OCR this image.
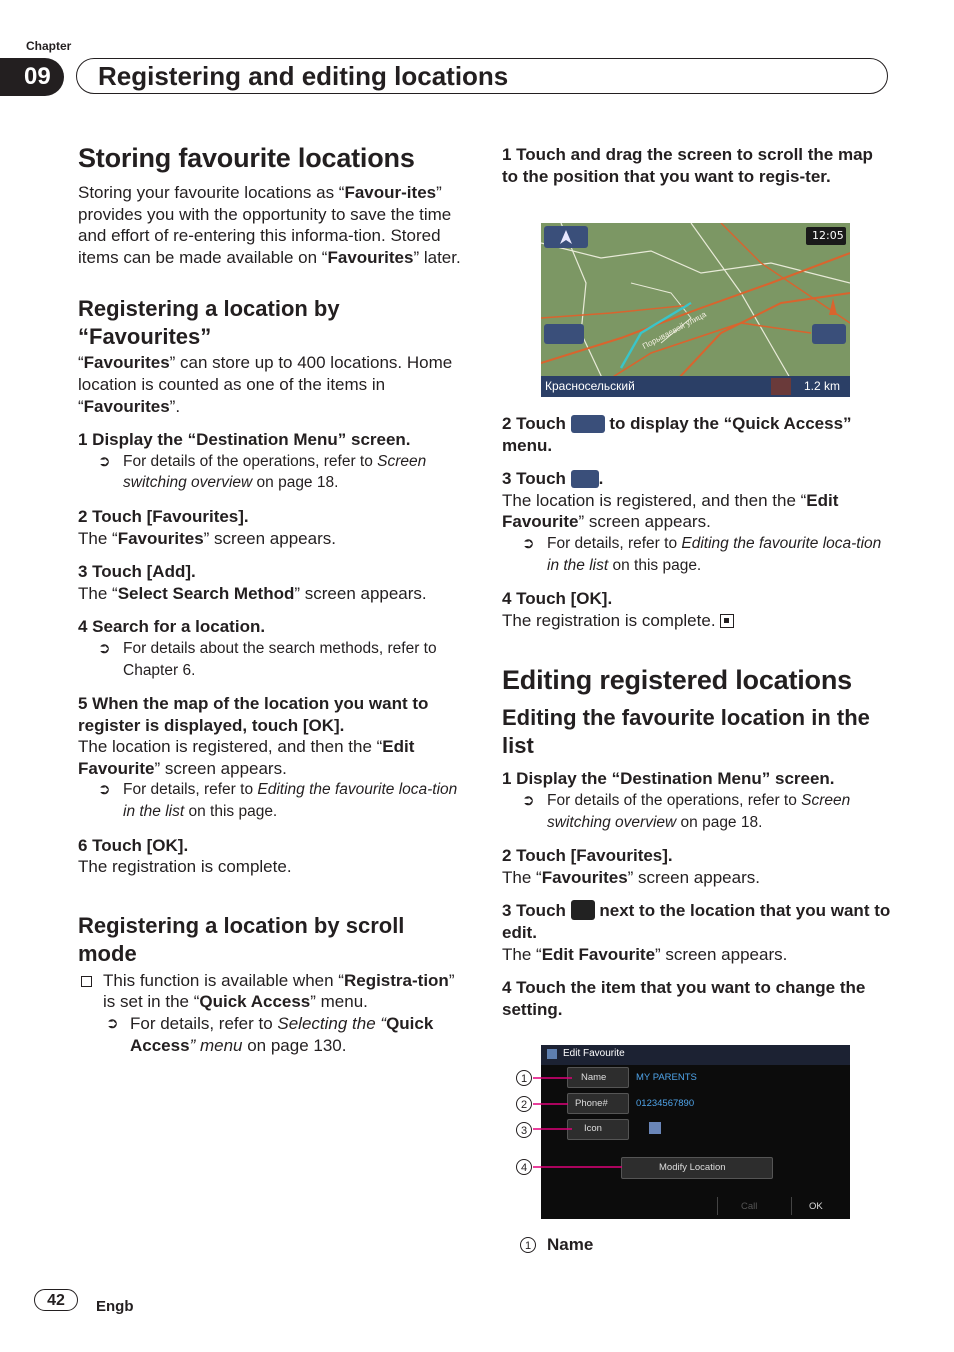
Chapter
09	Registering and editing locations
Storing favourite locations

Storing your favourite locations as “Favour-ites” provides you with the opportunity to save the time and effort of re-entering this informa-tion. Stored items can be made available on “Favourites” later.

Registering a location by “Favourites”

“Favourites” can store up to 400 locations. Home location is counted as one of the items in “Favourites”.

1 Display the “Destination Menu” screen.
➲ For details of the operations, refer to Screen switching overview on page 18.
2 Touch [Favourites].

The “Favourites” screen appears.

3 Touch [Add].

The “Select Search Method” screen appears.

4 Search for a location.
➲ For details about the search methods, refer to Chapter 6.
5 When the map of the location you want to register is displayed, touch [OK].

The location is registered, and then the “Edit Favourite” screen appears.

➲ For details, refer to Editing the favourite loca-tion in the list on this page.
6 Touch [OK].

The registration is complete.

Registering a location by scroll mode
This function is available when “Registra-tion” is set in the “Quick Access” menu.
➲ For details, refer to Selecting the “Quick Access” menu on page 130.
1 Touch and drag the screen to scroll the map to the position that you want to regis-ter.
12:05
Красносельский	1.2 km
Порываевой улица
2 Touch  to display the “Quick Access” menu.
3 Touch .

The location is registered, and then the “Edit Favourite” screen appears.

➲ For details, refer to Editing the favourite loca-tion in the list on this page.
4 Touch [OK].

The registration is complete.

Editing registered locations
Editing the favourite location in the list
1 Display the “Destination Menu” screen.
➲ For details of the operations, refer to Screen switching overview on page 18.
2 Touch [Favourites].

The “Favourites” screen appears.

3 Touch  next to the location that you want to edit.

The “Edit Favourite” screen appears.

4 Touch the item that you want to change the setting.
Edit Favourite
Name	MY PARENTS
Phone#	01234567890
Icon
Modify Location
Call	OK
1
2
3
4
1 Name
42	Engb
